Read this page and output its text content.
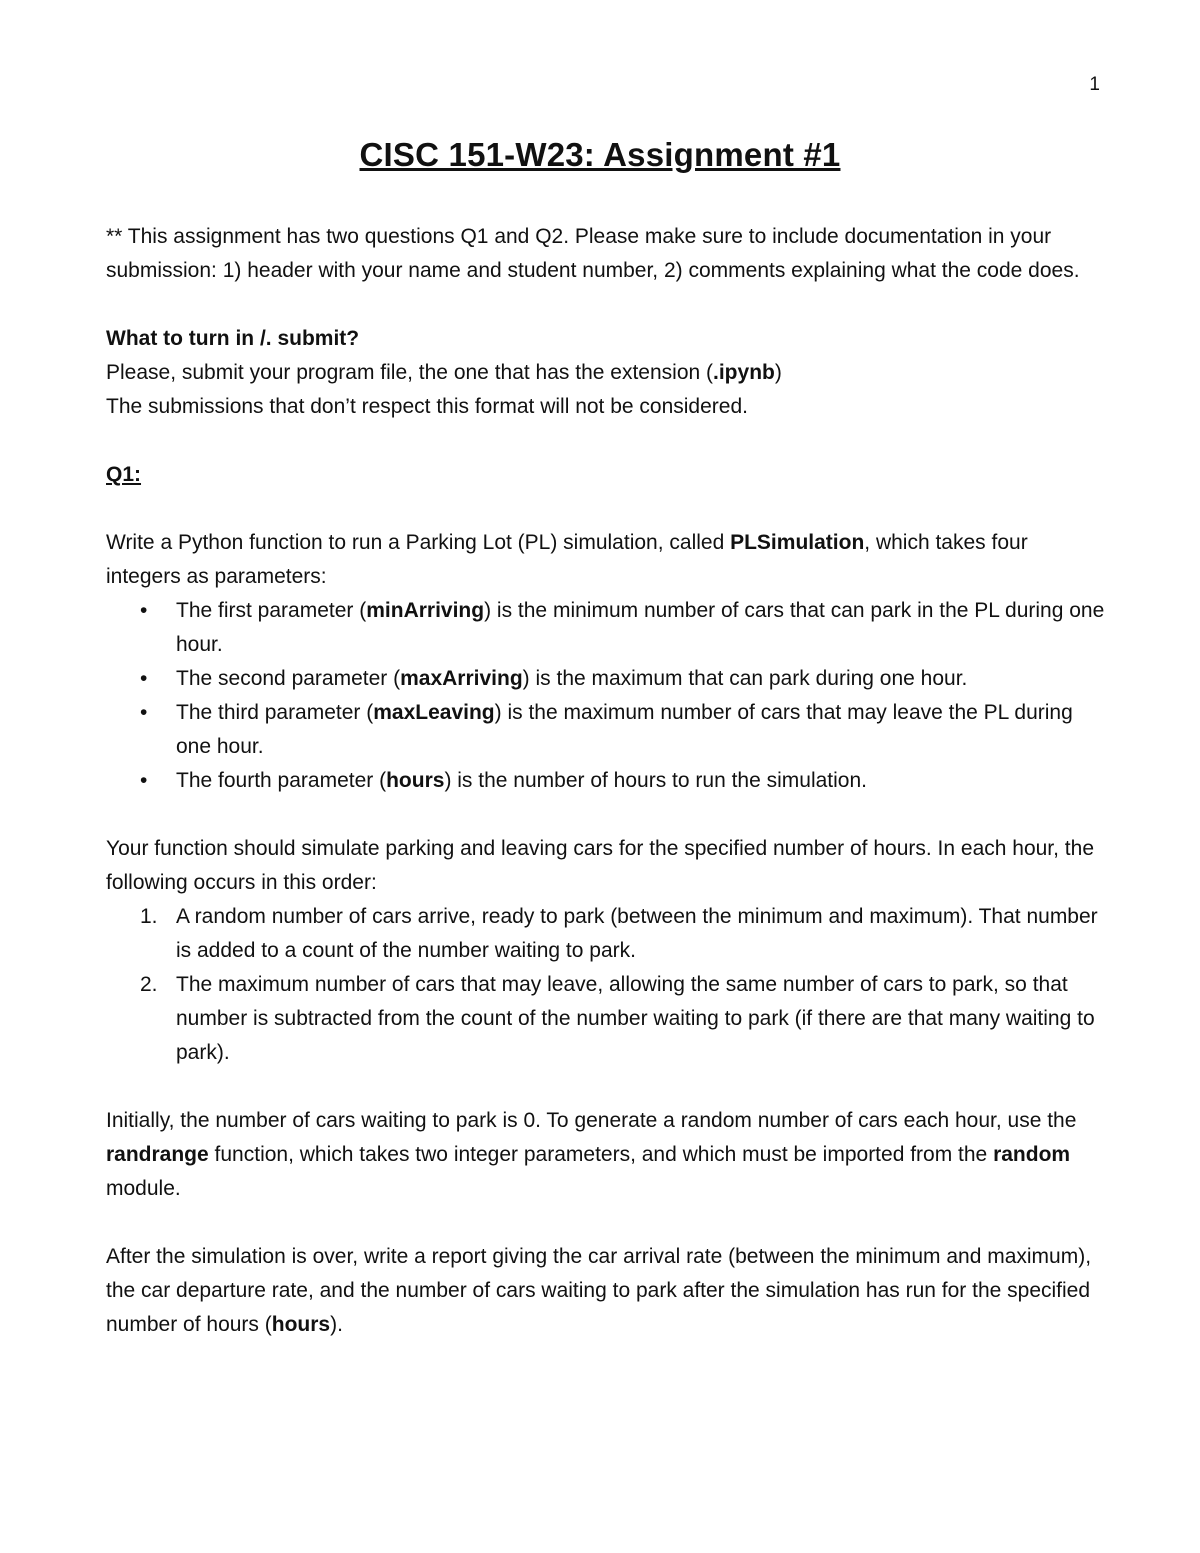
1
CISC 151-W23: Assignment #1

** This assignment has two questions Q1 and Q2. Please make sure to include documentation in your submission: 1) header with your name and student number, 2) comments explaining what the code does.

What to turn in /. submit?

Please, submit your program file, the one that has the extension (.ipynb)

The submissions that don’t respect this format will not be considered.

Q1:

Write a Python function to run a Parking Lot (PL) simulation, called PLSimulation, which takes four integers as parameters:

• The first parameter (minArriving) is the minimum number of cars that can park in the PL during one hour.
• The second parameter (maxArriving) is the maximum that can park during one hour.
• The third parameter (maxLeaving) is the maximum number of cars that may leave the PL during one hour.
• The fourth parameter (hours) is the number of hours to run the simulation.

Your function should simulate parking and leaving cars for the specified number of hours. In each hour, the following occurs in this order:

1. A random number of cars arrive, ready to park (between the minimum and maximum). That number is added to a count of the number waiting to park.
2. The maximum number of cars that may leave, allowing the same number of cars to park, so that number is subtracted from the count of the number waiting to park (if there are that many waiting to park).

Initially, the number of cars waiting to park is 0. To generate a random number of cars each hour, use the randrange function, which takes two integer parameters, and which must be imported from the random module.

After the simulation is over, write a report giving the car arrival rate (between the minimum and maximum), the car departure rate, and the number of cars waiting to park after the simulation has run for the specified number of hours (hours).
